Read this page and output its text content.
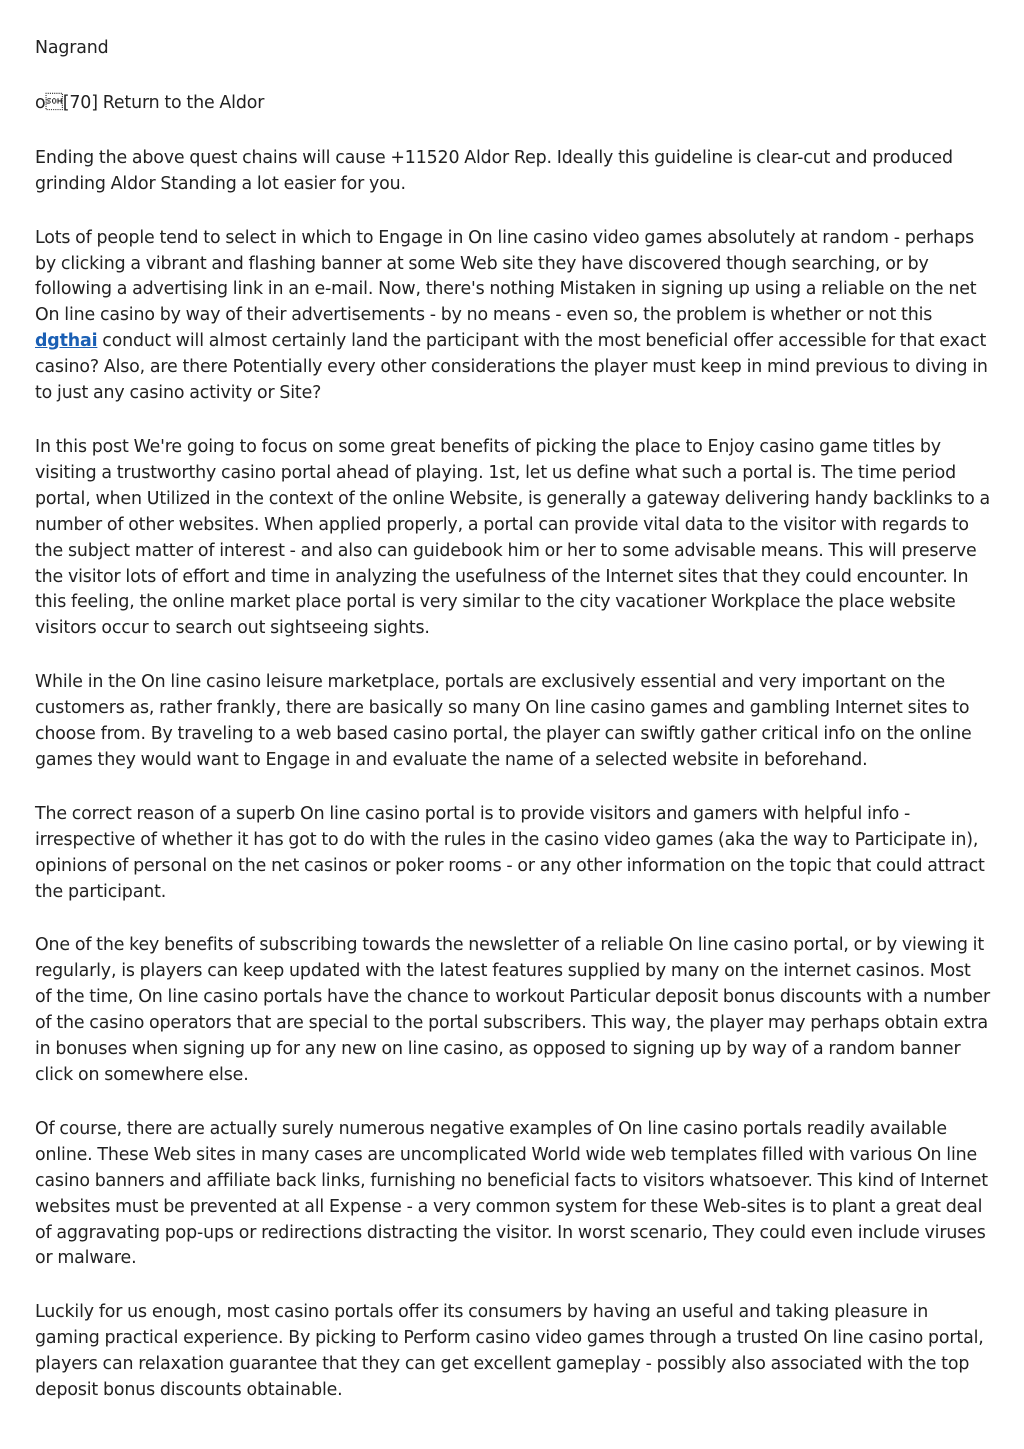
Nagrand

o[70] Return to the Aldor

Ending the above quest chains will cause +11520 Aldor Rep. Ideally this guideline is clear-cut and produced grinding Aldor Standing a lot easier for you.

Lots of people tend to select in which to Engage in On line casino video games absolutely at random - perhaps by clicking a vibrant and flashing banner at some Web site they have discovered though searching, or by following a advertising link in an e-mail. Now, there's nothing Mistaken in signing up using a reliable on the net On line casino by way of their advertisements - by no means - even so, the problem is whether or not this dgthai conduct will almost certainly land the participant with the most beneficial offer accessible for that exact casino? Also, are there Potentially every other considerations the player must keep in mind previous to diving in to just any casino activity or Site?

In this post We're going to focus on some great benefits of picking the place to Enjoy casino game titles by visiting a trustworthy casino portal ahead of playing. 1st, let us define what such a portal is. The time period portal, when Utilized in the context of the online Website, is generally a gateway delivering handy backlinks to a number of other websites. When applied properly, a portal can provide vital data to the visitor with regards to the subject matter of interest - and also can guidebook him or her to some advisable means. This will preserve the visitor lots of effort and time in analyzing the usefulness of the Internet sites that they could encounter. In this feeling, the online market place portal is very similar to the city vacationer Workplace the place website visitors occur to search out sightseeing sights.

While in the On line casino leisure marketplace, portals are exclusively essential and very important on the customers as, rather frankly, there are basically so many On line casino games and gambling Internet sites to choose from. By traveling to a web based casino portal, the player can swiftly gather critical info on the online games they would want to Engage in and evaluate the name of a selected website in beforehand.

The correct reason of a superb On line casino portal is to provide visitors and gamers with helpful info - irrespective of whether it has got to do with the rules in the casino video games (aka the way to Participate in), opinions of personal on the net casinos or poker rooms - or any other information on the topic that could attract the participant.

One of the key benefits of subscribing towards the newsletter of a reliable On line casino portal, or by viewing it regularly, is players can keep updated with the latest features supplied by many on the internet casinos. Most of the time, On line casino portals have the chance to workout Particular deposit bonus discounts with a number of the casino operators that are special to the portal subscribers. This way, the player may perhaps obtain extra in bonuses when signing up for any new on line casino, as opposed to signing up by way of a random banner click on somewhere else.

Of course, there are actually surely numerous negative examples of On line casino portals readily available online. These Web sites in many cases are uncomplicated World wide web templates filled with various On line casino banners and affiliate back links, furnishing no beneficial facts to visitors whatsoever. This kind of Internet websites must be prevented at all Expense - a very common system for these Web-sites is to plant a great deal of aggravating pop-ups or redirections distracting the visitor. In worst scenario, They could even include viruses or malware.

Luckily for us enough, most casino portals offer its consumers by having an useful and taking pleasure in gaming practical experience. By picking to Perform casino video games through a trusted On line casino portal, players can relaxation guarantee that they can get excellent gameplay - possibly also associated with the top deposit bonus discounts obtainable.
